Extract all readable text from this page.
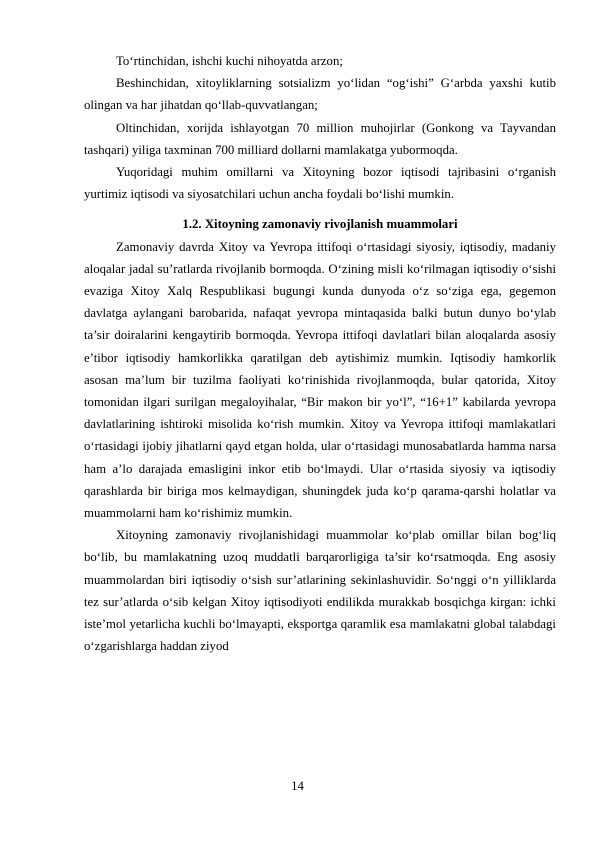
To‘rtinchidan, ishchi kuchi nihoyatda arzon;

Beshinchidan, xitoyliklarning sotsializm yo‘lidan “og‘ishi” G‘arbda yaxshi kutib olingan va har jihatdan qo‘llab-quvvatlangan;

Oltinchidan, xorijda ishlayotgan 70 million muhojirlar (Gonkong va Tayvandan tashqari) yiliga taxminan 700 milliard dollarni mamlakatga yubormoqda.

Yuqoridagi muhim omillarni va Xitoyning bozor iqtisodi tajribasini o‘rganish yurtimiz iqtisodi va siyosatchilari uchun ancha foydali bo‘lishi mumkin.

1.2. Xitoyning zamonaviy rivojlanish muammolari

Zamonaviy davrda Xitoy va Yevropa ittifoqi o‘rtasidagi siyosiy, iqtisodiy, madaniy aloqalar jadal su’ratlarda rivojlanib bormoqda. O‘zining misli ko‘rilmagan iqtisodiy o‘sishi evaziga Xitoy Xalq Respublikasi bugungi kunda dunyoda o‘z so‘ziga ega, gegemon davlatga aylangani barobarida, nafaqat yevropa mintaqasida balki butun dunyo bo‘ylab ta’sir doiralarini kengaytirib bormoqda. Yevropa ittifoqi davlatlari bilan aloqalarda asosiy e’tibor iqtisodiy hamkorlikka qaratilgan deb aytishimiz mumkin. Iqtisodiy hamkorlik asosan ma’lum bir tuzilma faoliyati ko‘rinishida rivojlanmoqda, bular qatorida, Xitoy tomonidan ilgari surilgan megaloyihalar, “Bir makon bir yo‘l”, “16+1” kabilarda yevropa davlatlarining ishtiroki misolida ko‘rish mumkin. Xitoy va Yevropa ittifoqi mamlakatlari o‘rtasidagi ijobiy jihatlarni qayd etgan holda, ular o‘rtasidagi munosabatlarda hamma narsa ham a’lo darajada emasligini inkor etib bo‘lmaydi. Ular o‘rtasida siyosiy va iqtisodiy qarashlarda bir biriga mos kelmaydigan, shuningdek juda ko‘p qarama-qarshi holatlar va muammolarni ham ko‘rishimiz mumkin.

Xitoyning zamonaviy rivojlanishidagi muammolar ko‘plab omillar bilan bog‘liq bo‘lib, bu mamlakatning uzoq muddatli barqarorligiga ta’sir ko‘rsatmoqda. Eng asosiy muammolardan biri iqtisodiy o‘sish sur’atlarining sekinlashuvidir. So‘nggi o‘n yilliklarda tez sur’atlarda o‘sib kelgan Xitoy iqtisodiyoti endilikda murakkab bosqichga kirgan: ichki iste’mol yetarlicha kuchli bo‘lmayapti, eksportga qaramlik esa mamlakatni global talabdagi o‘zgarishlarga haddan ziyod

14
